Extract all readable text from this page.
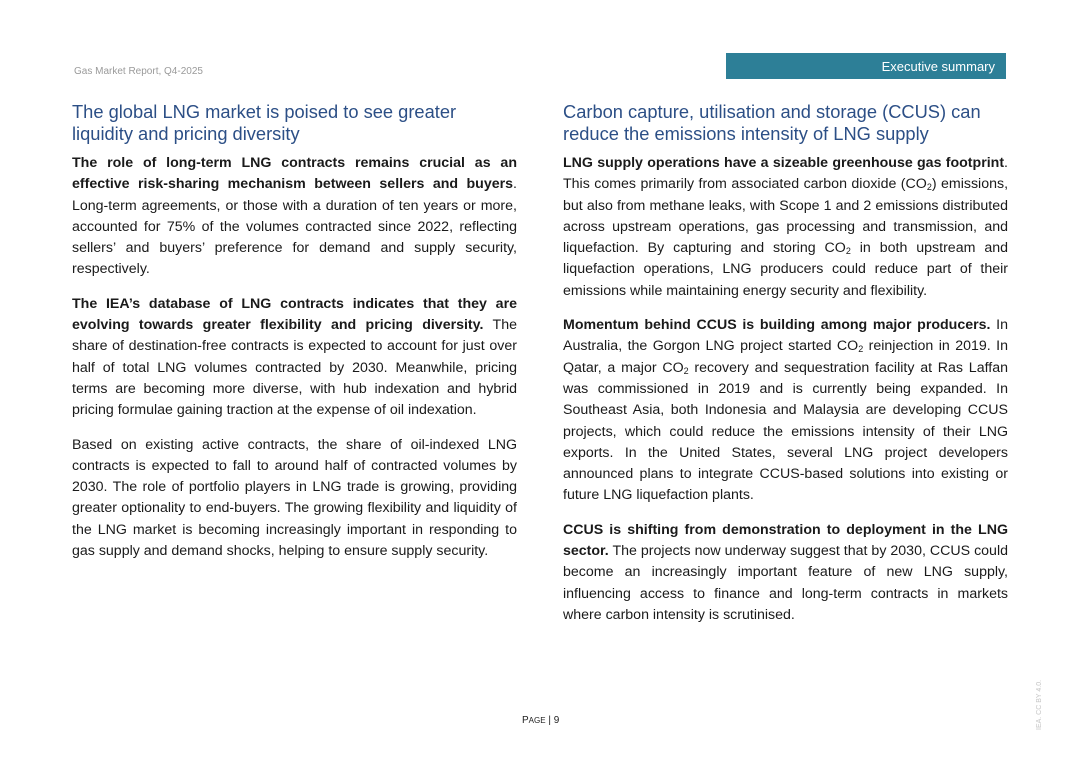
Gas Market Report, Q4-2025	Executive summary
The global LNG market is poised to see greater liquidity and pricing diversity

The role of long-term LNG contracts remains crucial as an effective risk-sharing mechanism between sellers and buyers. Long-term agreements, or those with a duration of ten years or more, accounted for 75% of the volumes contracted since 2022, reflecting sellers’ and buyers’ preference for demand and supply security, respectively.

The IEA’s database of LNG contracts indicates that they are evolving towards greater flexibility and pricing diversity. The share of destination-free contracts is expected to account for just over half of total LNG volumes contracted by 2030. Meanwhile, pricing terms are becoming more diverse, with hub indexation and hybrid pricing formulae gaining traction at the expense of oil indexation.

Based on existing active contracts, the share of oil-indexed LNG contracts is expected to fall to around half of contracted volumes by 2030. The role of portfolio players in LNG trade is growing, providing greater optionality to end-buyers. The growing flexibility and liquidity of the LNG market is becoming increasingly important in responding to gas supply and demand shocks, helping to ensure supply security.

Carbon capture, utilisation and storage (CCUS) can reduce the emissions intensity of LNG supply

LNG supply operations have a sizeable greenhouse gas footprint. This comes primarily from associated carbon dioxide $(CO_2)$ emissions, but also from methane leaks, with Scope 1 and 2 emissions distributed across upstream operations, gas processing and transmission, and liquefaction. By capturing and storing $CO_2$ in both upstream and liquefaction operations, LNG producers could reduce part of their emissions while maintaining energy security and flexibility.

Momentum behind CCUS is building among major producers. In Australia, the Gorgon LNG project started $CO_2$ reinjection in 2019. In Qatar, a major $CO_2$ recovery and sequestration facility at Ras Laffan was commissioned in 2019 and is currently being expanded. In Southeast Asia, both Indonesia and Malaysia are developing CCUS projects, which could reduce the emissions intensity of their LNG exports. In the United States, several LNG project developers announced plans to integrate CCUS-based solutions into existing or future LNG liquefaction plants.

CCUS is shifting from demonstration to deployment in the LNG sector. The projects now underway suggest that by 2030, CCUS could become an increasingly important feature of new LNG supply, influencing access to finance and long-term contracts in markets where carbon intensity is scrutinised.

PAGE | 9	IEA. CC BY 4.0.
